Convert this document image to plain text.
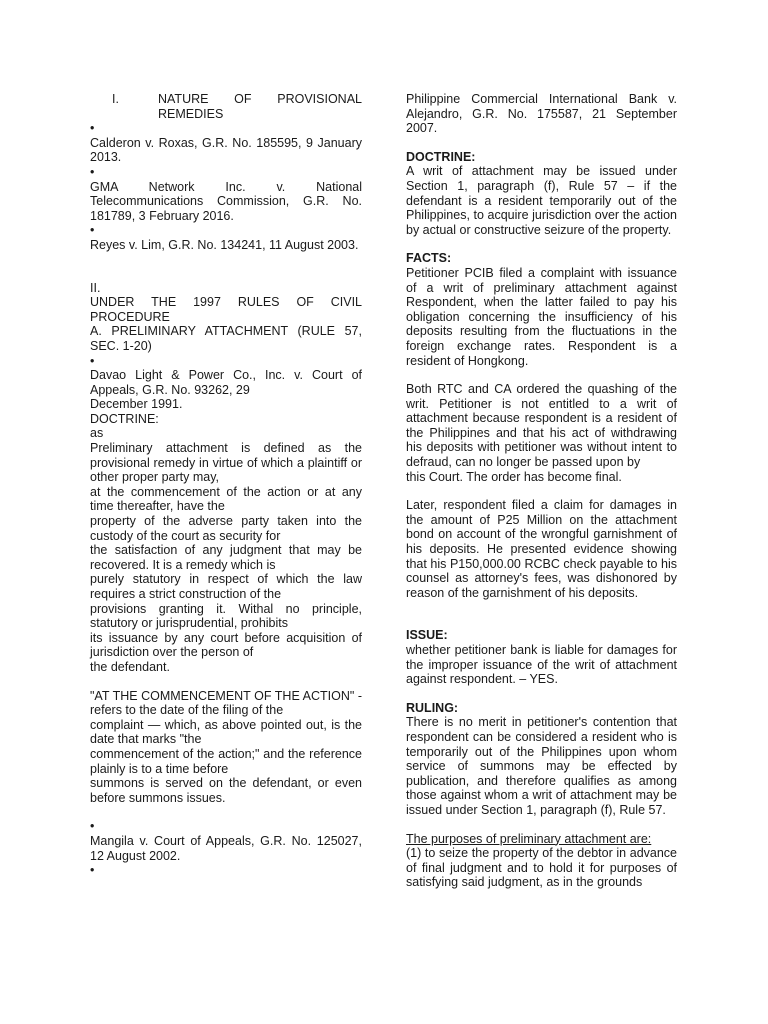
I.	NATURE OF PROVISIONAL REMEDIES

•

Calderon v. Roxas, G.R. No. 185595, 9 January 2013.

•

GMA Network Inc. v. National Telecommunications Commission, G.R. No. 181789, 3 February 2016.

•

Reyes v. Lim, G.R. No. 134241, 11 August 2003.

II.

UNDER THE 1997 RULES OF CIVIL PROCEDURE

A. PRELIMINARY ATTACHMENT (RULE 57, SEC. 1-20)

•

Davao Light & Power Co., Inc. v. Court of Appeals, G.R. No. 93262, 29

December 1991.

DOCTRINE:

as

Preliminary attachment is defined as the provisional remedy in virtue of which a plaintiff or other proper party may,

at the commencement of the action or at any time thereafter, have the

property of the adverse party taken into the custody of the court as security for

the satisfaction of any judgment that may be recovered. It is a remedy which is

purely statutory in respect of which the law requires a strict construction of the

provisions granting it. Withal no principle, statutory or jurisprudential, prohibits

its issuance by any court before acquisition of jurisdiction over the person of

the defendant.

"AT THE COMMENCEMENT OF THE ACTION" - refers to the date of the filing of the

complaint — which, as above pointed out, is the date that marks "the

commencement of the action;" and the reference plainly is to a time before

summons is served on the defendant, or even before summons issues.

•

Mangila v. Court of Appeals, G.R. No. 125027, 12 August 2002.

•

Philippine Commercial International Bank v. Alejandro, G.R. No. 175587, 21 September 2007.

DOCTRINE:

A writ of attachment may be issued under Section 1, paragraph (f), Rule 57 – if the defendant is a resident temporarily out of the Philippines, to acquire jurisdiction over the action by actual or constructive seizure of the property.

FACTS:

Petitioner PCIB filed a complaint with issuance of a writ of preliminary attachment against Respondent, when the latter failed to pay his obligation concerning the insufficiency of his deposits resulting from the fluctuations in the foreign exchange rates. Respondent is a resident of Hongkong.

Both RTC and CA ordered the quashing of the writ. Petitioner is not entitled to a writ of attachment because respondent is a resident of the Philippines and that his act of withdrawing his deposits with petitioner was without intent to defraud, can no longer be passed upon by

this Court. The order has become final.

Later, respondent filed a claim for damages in the amount of P25 Million on the attachment bond on account of the wrongful garnishment of his deposits. He presented evidence showing that his P150,000.00 RCBC check payable to his counsel as attorney's fees, was dishonored by reason of the garnishment of his deposits.

ISSUE:

whether petitioner bank is liable for damages for the improper issuance of the writ of attachment against respondent. – YES.

RULING:

There is no merit in petitioner's contention that respondent can be considered a resident who is temporarily out of the Philippines upon whom service of summons may be effected by publication, and therefore qualifies as among those against whom a writ of attachment may be issued under Section 1, paragraph (f), Rule 57.

The purposes of preliminary attachment are:

(1) to seize the property of the debtor in advance of final judgment and to hold it for purposes of satisfying said judgment, as in the grounds
